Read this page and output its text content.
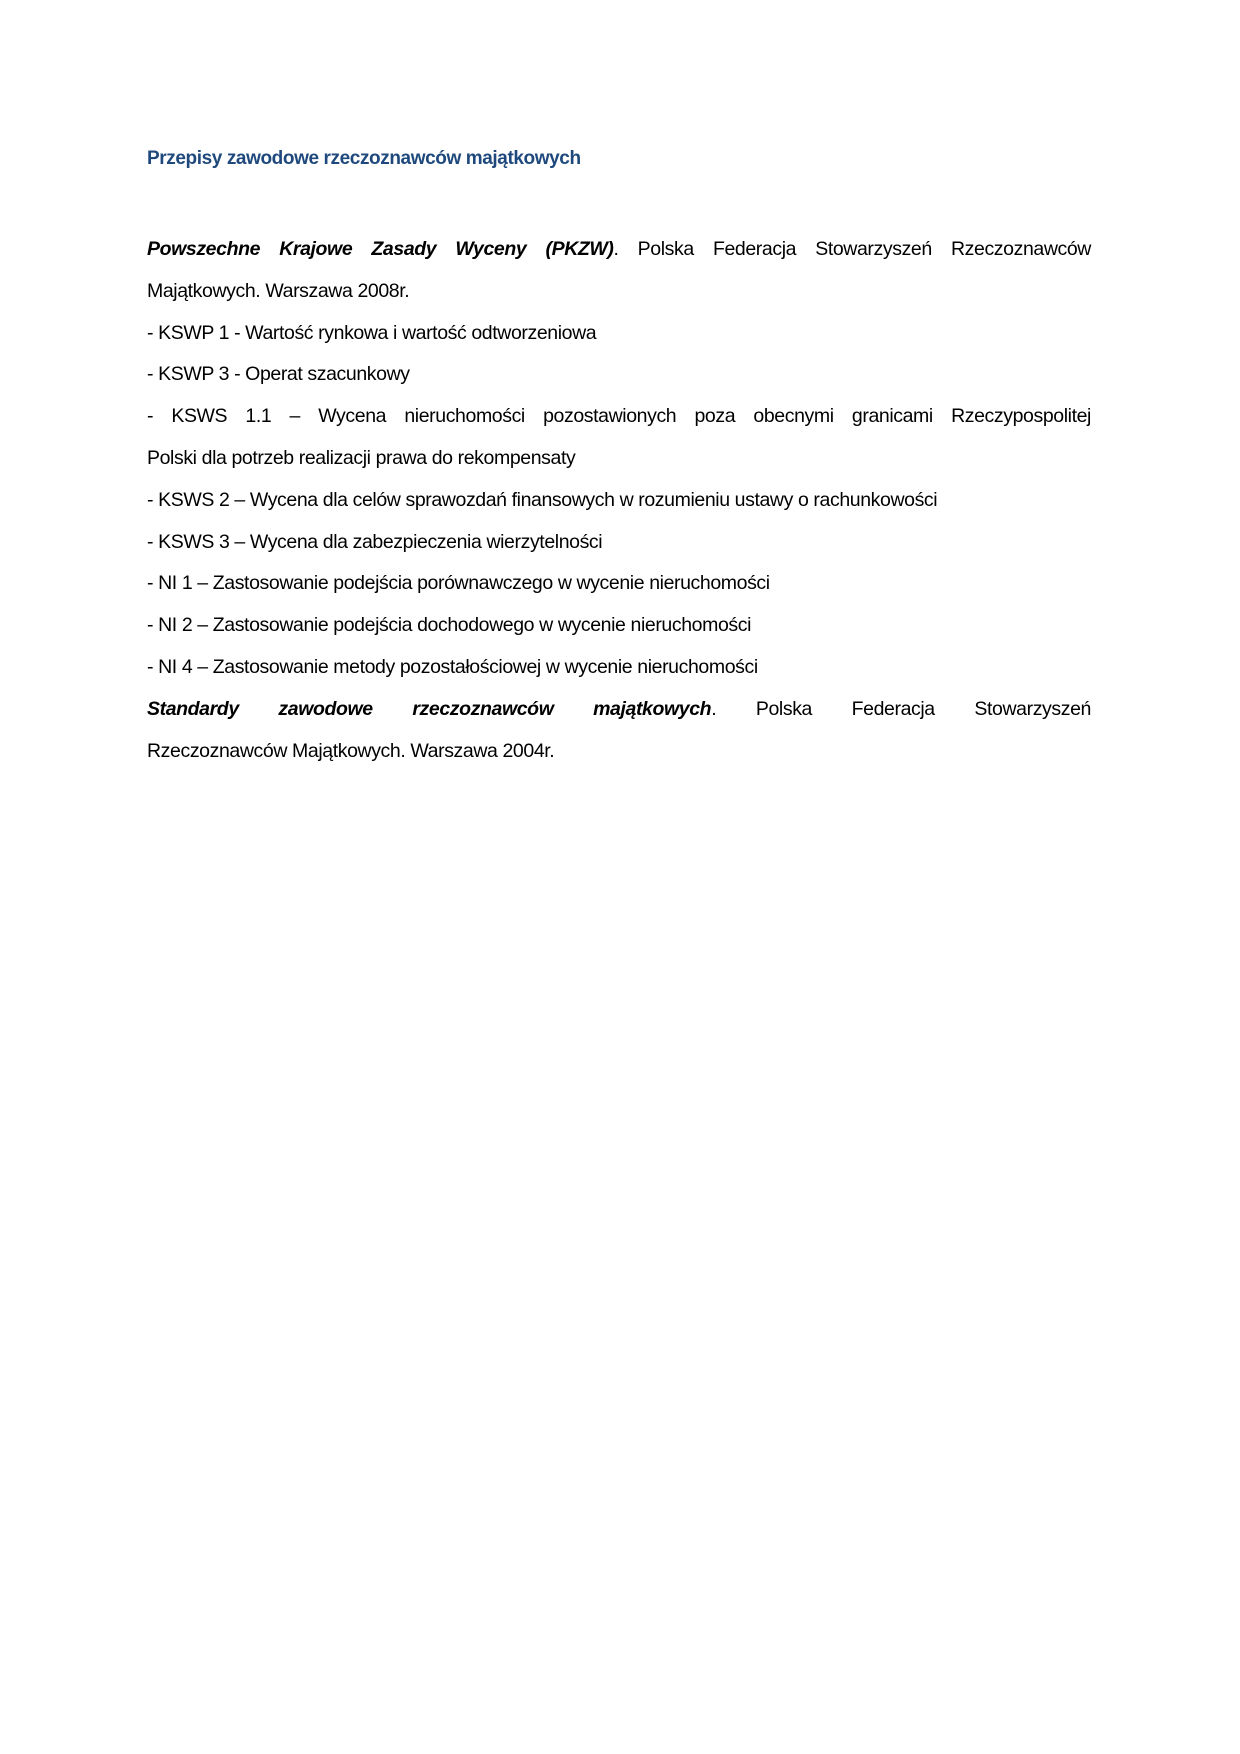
Przepisy zawodowe rzeczoznawców majątkowych
Powszechne Krajowe Zasady Wyceny (PKZW). Polska Federacja Stowarzyszeń Rzeczoznawców
Majątkowych. Warszawa 2008r.
- KSWP 1 - Wartość rynkowa i wartość odtworzeniowa
- KSWP 3 - Operat szacunkowy
- KSWS 1.1 – Wycena nieruchomości pozostawionych poza obecnymi granicami Rzeczypospolitej
Polski dla potrzeb realizacji prawa do rekompensaty
- KSWS 2 – Wycena dla celów sprawozdań finansowych w rozumieniu ustawy o rachunkowości
- KSWS 3 – Wycena dla zabezpieczenia wierzytelności
- NI 1 – Zastosowanie podejścia porównawczego w wycenie nieruchomości
- NI 2 – Zastosowanie podejścia dochodowego w wycenie nieruchomości
- NI 4 – Zastosowanie metody pozostałościowej w wycenie nieruchomości
Standardy zawodowe rzeczoznawców majątkowych. Polska Federacja Stowarzyszeń
Rzeczoznawców Majątkowych. Warszawa 2004r.
